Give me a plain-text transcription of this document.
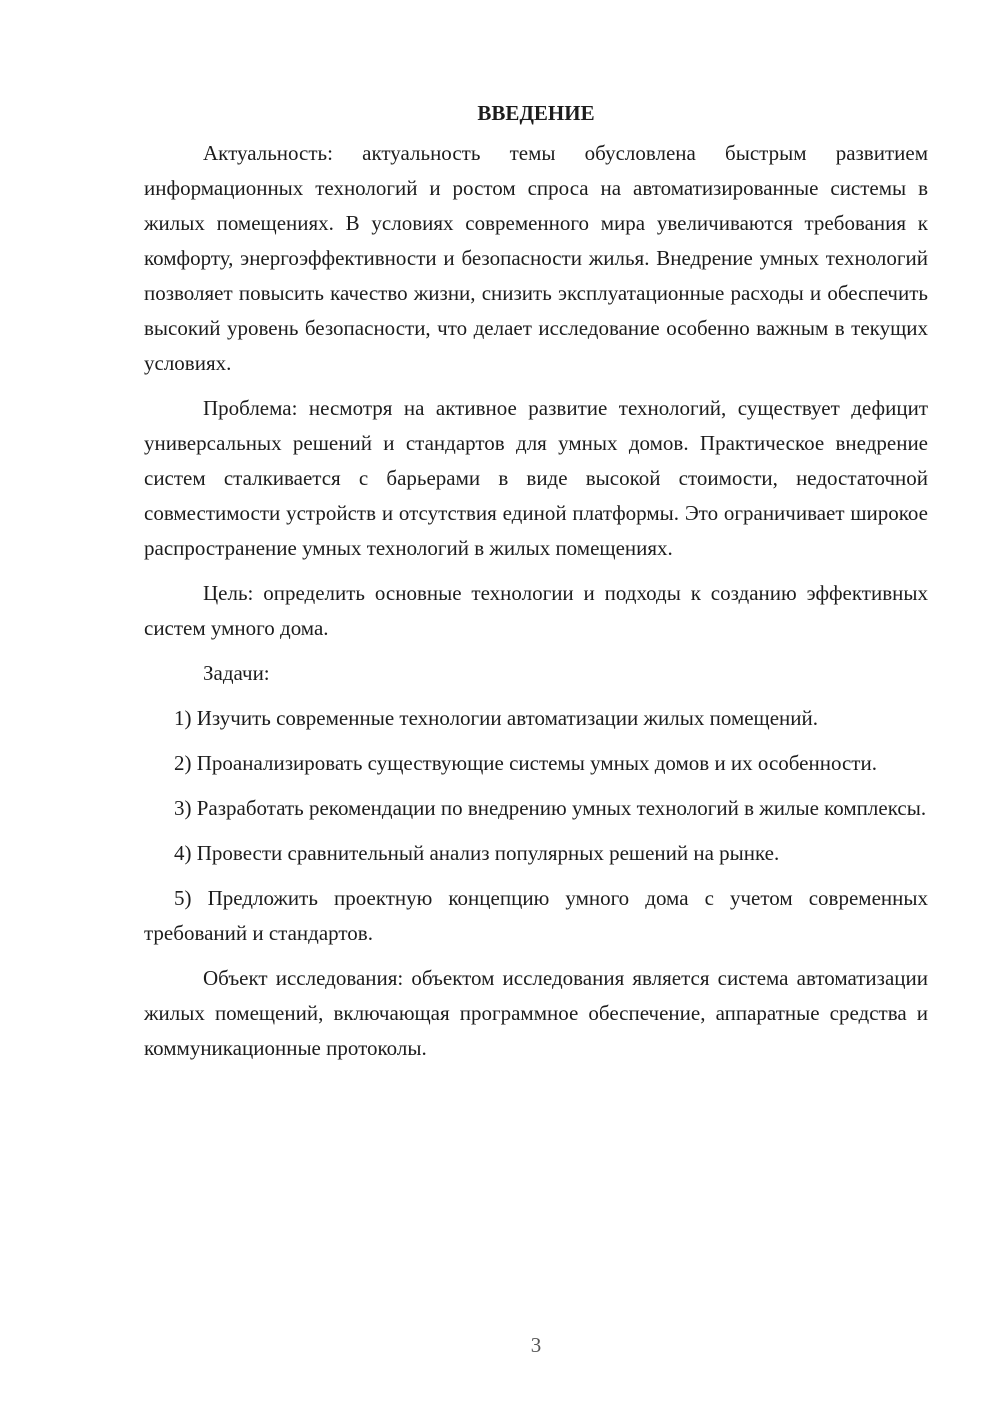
ВВЕДЕНИЕ

Актуальность: актуальность темы обусловлена быстрым развитием информационных технологий и ростом спроса на автоматизированные системы в жилых помещениях. В условиях современного мира увеличиваются требования к комфорту, энергоэффективности и безопасности жилья. Внедрение умных технологий позволяет повысить качество жизни, снизить эксплуатационные расходы и обеспечить высокий уровень безопасности, что делает исследование особенно важным в текущих условиях.

Проблема: несмотря на активное развитие технологий, существует дефицит универсальных решений и стандартов для умных домов. Практическое внедрение систем сталкивается с барьерами в виде высокой стоимости, недостаточной совместимости устройств и отсутствия единой платформы. Это ограничивает широкое распространение умных технологий в жилых помещениях.

Цель: определить основные технологии и подходы к созданию эффективных систем умного дома.

Задачи:

1) Изучить современные технологии автоматизации жилых помещений.

2) Проанализировать существующие системы умных домов и их особенности.

3) Разработать рекомендации по внедрению умных технологий в жилые комплексы.

4) Провести сравнительный анализ популярных решений на рынке.

5) Предложить проектную концепцию умного дома с учетом современных требований и стандартов.

Объект исследования: объектом исследования является система автоматизации жилых помещений, включающая программное обеспечение, аппаратные средства и коммуникационные протоколы.

3
